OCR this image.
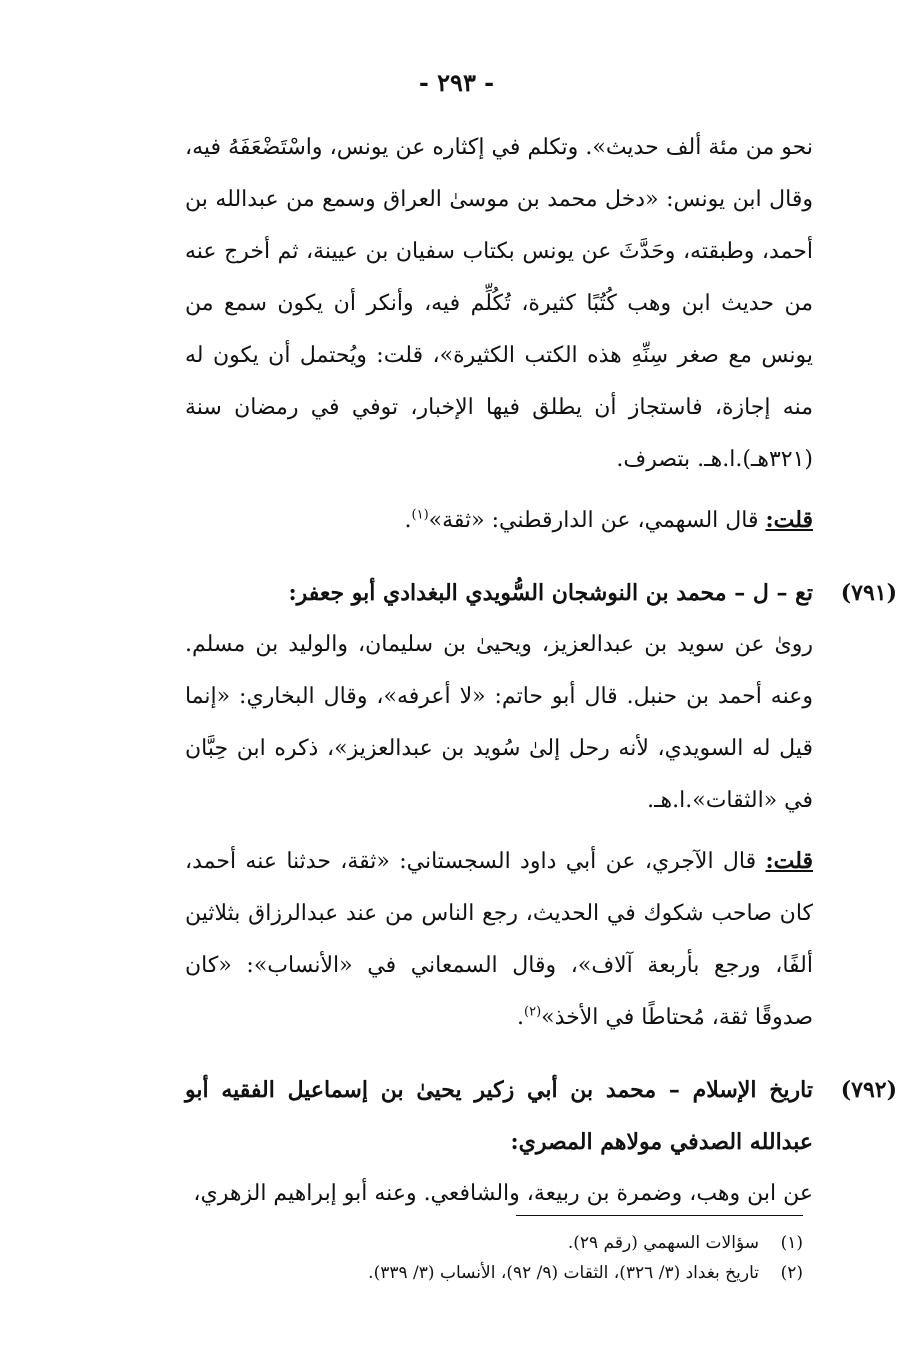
- ٢٩٣ -

نحو من مئة ألف حديث». وتكلم في إكثاره عن يونس، واسْتَضْعَفَهُ فيه، وقال ابن يونس: «دخل محمد بن موسىٰ العراق وسمع من عبدالله بن أحمد، وطبقته، وحَدَّثَ عن يونس بكتاب سفيان بن عيينة، ثم أخرج عنه من حديث ابن وهب كُتُبًا كثيرة، تُكُلِّم فيه، وأنكر أن يكون سمع من يونس مع صغر سِنِّهِ هذه الكتب الكثيرة»، قلت: ويُحتمل أن يكون له منه إجازة، فاستجاز أن يطلق فيها الإخبار، توفي في رمضان سنة (٣٢١هـ).ا.هـ. بتصرف.

قلت: قال السهمي، عن الدارقطني: «ثقة»$^{(١)}$.

(٧٩١)
تع – ل – محمد بن النوشجان السُّويدي البغدادي أبو جعفر:

روىٰ عن سويد بن عبدالعزيز، ويحيىٰ بن سليمان، والوليد بن مسلم. وعنه أحمد بن حنبل. قال أبو حاتم: «لا أعرفه»، وقال البخاري: «إنما قيل له السويدي، لأنه رحل إلىٰ سُويد بن عبدالعزيز»، ذكره ابن حِبَّان في «الثقات».ا.هـ.

قلت: قال الآجري، عن أبي داود السجستاني: «ثقة، حدثنا عنه أحمد، كان صاحب شكوك في الحديث، رجع الناس من عند عبدالرزاق بثلاثين ألفًا، ورجع بأربعة آلاف»، وقال السمعاني في «الأنساب»: «كان صدوقًا ثقة، مُحتاطًا في الأخذ»$^{(٢)}$.

(٧٩٢)
تاريخ الإسلام – محمد بن أبي زكير يحيىٰ بن إسماعيل الفقيه أبو عبدالله الصدفي مولاهم المصري:

عن ابن وهب، وضمرة بن ربيعة، والشافعي. وعنه أبو إبراهيم الزهري،

(١)سؤالات السهمي (رقم ٢٩).
(٢)تاريخ بغداد (٣/ ٣٢٦)، الثقات (٩/ ٩٢)، الأنساب (٣/ ٣٣٩).
